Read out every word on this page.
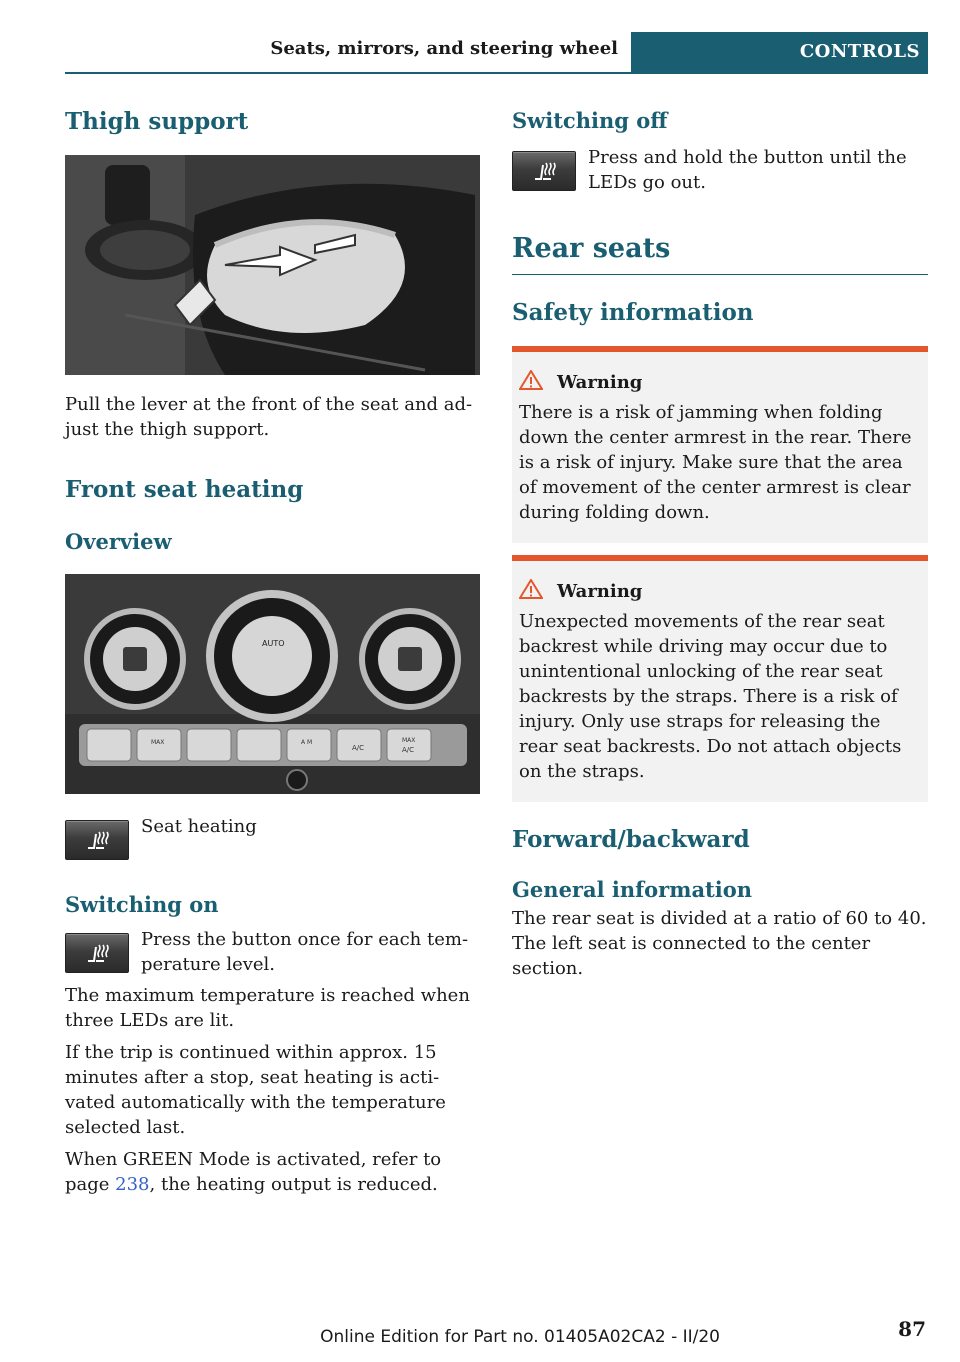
Seats, mirrors, and steering wheel	CONTROLS
Thigh support

Pull the lever at the front of the seat and ad-just the thigh support.

Front seat heating
Overview
AUTO
MAX	A M
A/C
MAX
A/C

Seat heating

Switching on

Press the button once for each tem-perature level.

The maximum temperature is reached when three LEDs are lit.

If the trip is continued within approx. 15 minutes after a stop, seat heating is acti-vated automatically with the temperature selected last.

When GREEN Mode is activated, refer to page 238, the heating output is reduced.

Switching off

Press and hold the button until the LEDs go out.

Rear seats
Safety information
Warning

There is a risk of jamming when folding down the center armrest in the rear. There is a risk of injury. Make sure that the area of movement of the center armrest is clear during folding down.

Warning

Unexpected movements of the rear seat backrest while driving may occur due to unintentional unlocking of the rear seat backrests by the straps. There is a risk of injury. Only use straps for releasing the rear seat backrests. Do not attach objects on the straps.

Forward/backward
General information

The rear seat is divided at a ratio of 60 to 40. The left seat is connected to the center section.

Online Edition for Part no. 01405A02CA2 - II/20	87
